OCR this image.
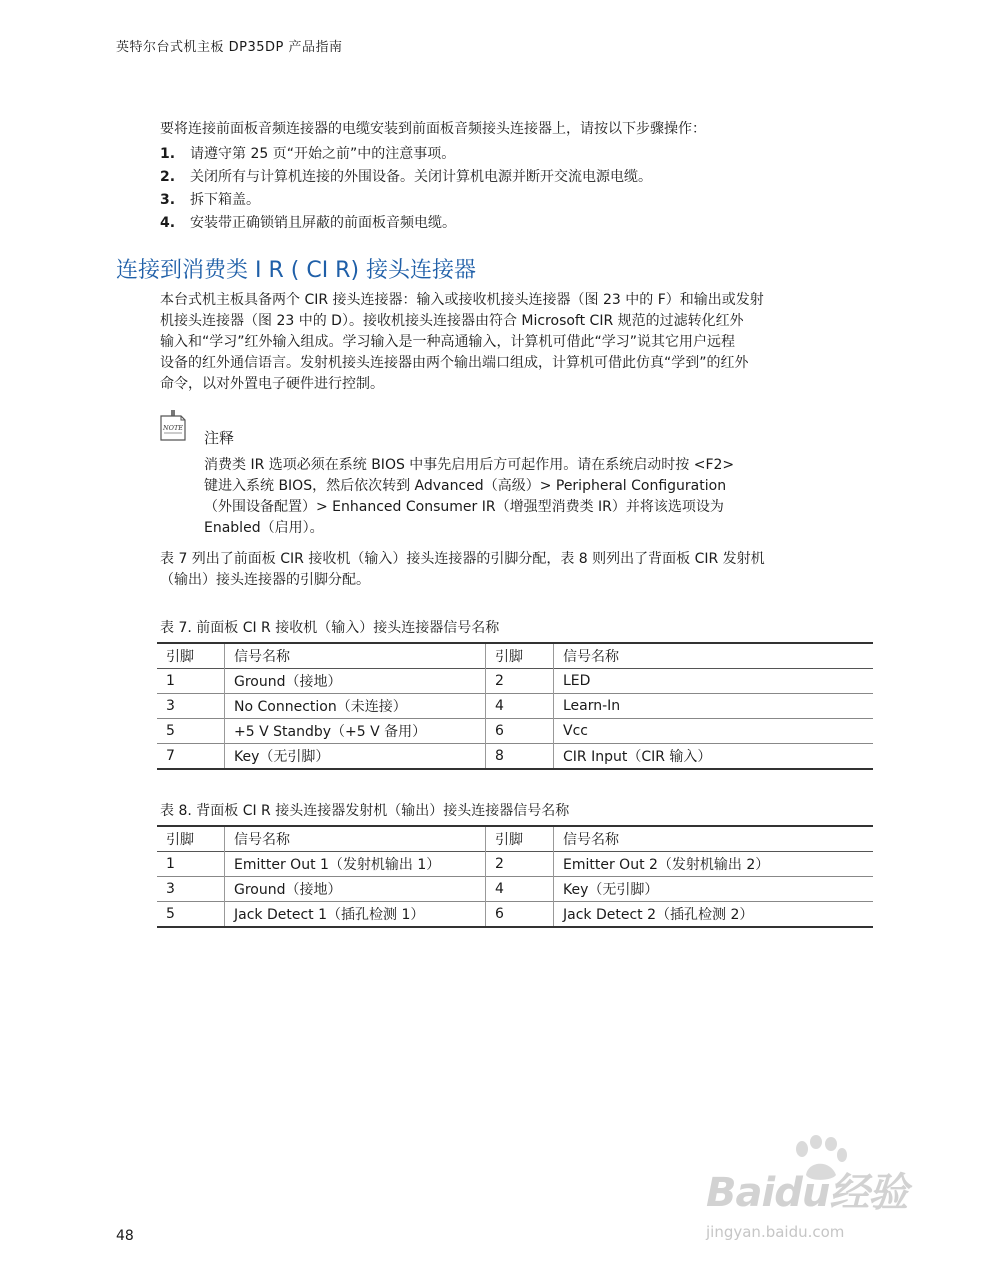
英特尔台式机主板 DP35DP 产品指南
要将连接前面板音频连接器的电缆安装到前面板音频接头连接器上，请按以下步骤操作：
1.	请遵守第 25 页“开始之前”中的注意事项。
2.	关闭所有与计算机连接的外围设备。关闭计算机电源并断开交流电源电缆。
3.	拆下箱盖。
4.	安装带正确锁销且屏蔽的前面板音频电缆。
连接到消费类 I R ( CI R) 接头连接器

本台式机主板具备两个 CIR 接头连接器：输入或接收机接头连接器（图 23 中的 F）和输出或发射
机接头连接器（图 23 中的 D）。接收机接头连接器由符合 Microsoft CIR 规范的过滤转化红外
输入和“学习”红外输入组成。学习输入是一种高通输入，计算机可借此“学习”说其它用户远程
设备的红外通信语言。发射机接头连接器由两个输出端口组成，计算机可借此仿真“学到”的红外
命令，以对外置电子硬件进行控制。

NOTE
注释
消费类 IR 选项必须在系统 BIOS 中事先启用后方可起作用。请在系统启动时按 <F2>
键进入系统 BIOS，然后依次转到 Advanced（高级）> Peripheral Configuration
（外围设备配置）> Enhanced Consumer IR（增强型消费类 IR）并将该选项设为
Enabled（启用）。

表 7 列出了前面板 CIR 接收机（输入）接头连接器的引脚分配，表 8 则列出了背面板 CIR 发射机
（输出）接头连接器的引脚分配。

表 7. 前面板 CI R 接收机（输入）接头连接器信号名称
引脚	信号名称	引脚	信号名称
1	Ground（接地）	2	LED
3	No Connection（未连接）	4	Learn-In
5	+5 V Standby（+5 V 备用）	6	Vcc
7	Key（无引脚）	8	CIR Input（CIR 输入）
表 8. 背面板 CI R 接头连接器发射机（输出）接头连接器信号名称
引脚	信号名称	引脚	信号名称
1	Emitter Out 1（发射机输出 1）	2	Emitter Out 2（发射机输出 2）
3	Ground（接地）	4	Key（无引脚）
5	Jack Detect 1（插孔检测 1）	6	Jack Detect 2（插孔检测 2）
48
Baidu经验
jingyan.baidu.com
